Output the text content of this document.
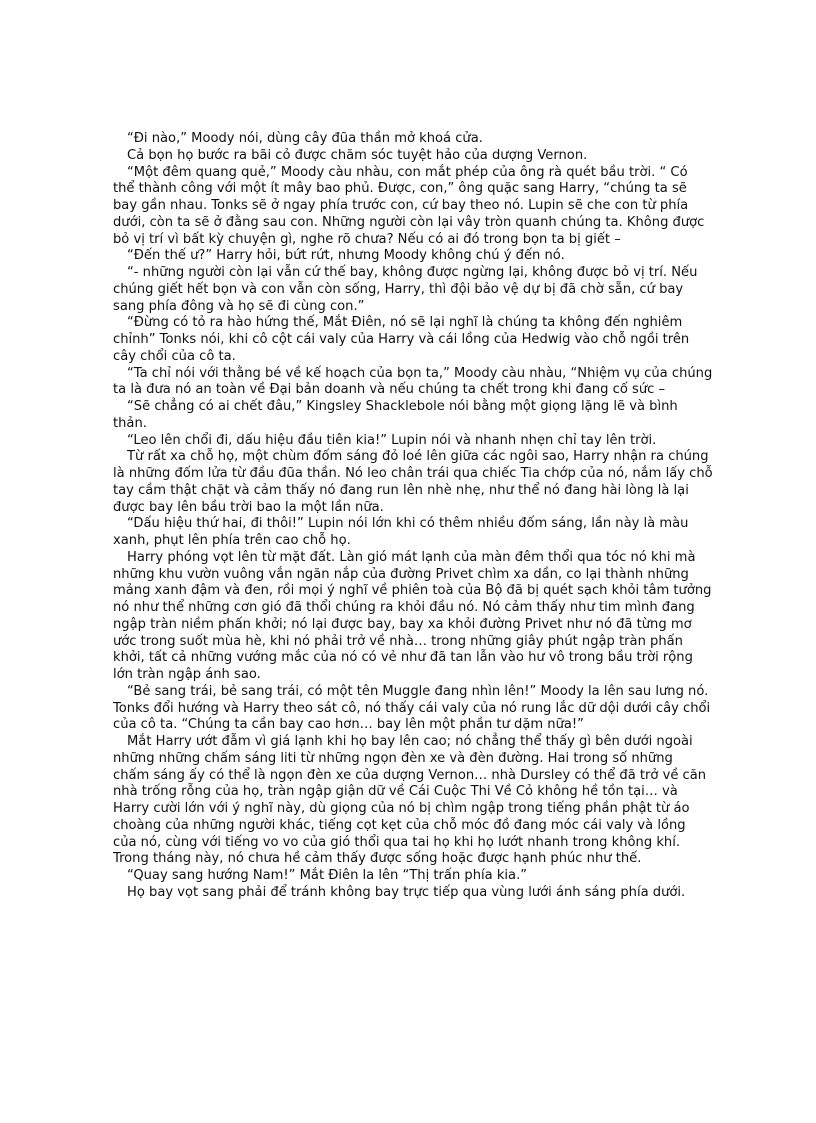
“Đi nào,” Moody nói, dùng cây đũa thần mở khoá cửa.

Cả bọn họ bước ra bãi cỏ được chăm sóc tuyệt hảo của dượng Vernon.

“Một đêm quang quẻ,” Moody càu nhàu, con mắt phép của ông rà quét bầu trời. “ Có thể thành công với một ít mây bao phủ. Được, con,” ông quặc sang Harry, “chúng ta sẽ bay gần nhau. Tonks sẽ ở ngay phía trước con, cứ bay theo nó. Lupin sẽ che con từ phía dưới, còn ta sẽ ở đằng sau con. Những người còn lại vây tròn quanh chúng ta. Không được bỏ vị trí vì bất kỳ chuyện gì, nghe rõ chưa? Nếu có ai đó trong bọn ta bị giết –

“Đến thế ư?” Harry hỏi, bứt rứt, nhưng Moody không chú ý đến nó.

“- những người còn lại vẫn cứ thế bay, không được ngừng lại, không được bỏ vị trí. Nếu chúng giết hết bọn và con vẫn còn sống, Harry, thì đội bảo vệ dự bị đã chờ sẵn, cứ bay sang phía đông và họ sẽ đi cùng con.”

“Đừng có tỏ ra hào hứng thế, Mắt Điên, nó sẽ lại nghĩ là chúng ta không đến nghiêm chỉnh” Tonks nói, khi cô cột cái valy của Harry và cái lồng của Hedwig vào chỗ ngồi trên cây chổi của cô ta.

“Ta chỉ nói với thằng bé về kế hoạch của bọn ta,” Moody càu nhàu, “Nhiệm vụ của chúng ta là đưa nó an toàn về Đại bản doanh và nếu chúng ta chết trong khi đang cố sức –

“Sẽ chẳng có ai chết đâu,” Kingsley Shacklebole nói bằng một giọng lặng lẽ và bình thản.

“Leo lên chổi đi, dấu hiệu đầu tiên kia!” Lupin nói và nhanh nhẹn chỉ tay lên trời.

Từ rất xa chỗ họ, một chùm đốm sáng đỏ loé lên giữa các ngôi sao, Harry nhận ra chúng là những đốm lửa từ đầu đũa thần. Nó leo chân trái qua chiếc Tia chớp của nó, nắm lấy chỗ tay cầm thật chặt và cảm thấy nó đang run lên nhè nhẹ, như thể nó đang hài lòng là lại được bay lên bầu trời bao la một lần nữa.

“Dấu hiệu thứ hai, đi thôi!” Lupin nói lớn khi có thêm nhiều đốm sáng, lần này là màu xanh, phụt lên phía trên cao chỗ họ.

Harry phóng vọt lên từ mặt đất. Làn gió mát lạnh của màn đêm thổi qua tóc nó khi mà những khu vườn vuông vắn ngăn nắp của đường Privet chìm xa dần, co lại thành những mảng xanh đậm và đen, rồi mọi ý nghĩ về phiên toà của Bộ đã bị quét sạch khỏi tâm tưởng nó như thể những cơn gió đã thổi chúng ra khỏi đầu nó. Nó cảm thấy như tim mình đang ngập tràn niềm phấn khởi; nó lại được bay, bay xa khỏi đường Privet như nó đã từng mơ ước trong suốt mùa hè, khi nó phải trở về nhà… trong những giây phút ngập tràn phấn khởi, tất cả những vướng mắc của nó có vẻ như đã tan lẫn vào hư vô trong bầu trời rộng lớn tràn ngập ánh sao.

“Bẻ sang trái, bẻ sang trái, có một tên Muggle đang nhìn lên!” Moody la lên sau lưng nó. Tonks đổi hướng và Harry theo sát cô, nó thấy cái valy của nó rung lắc dữ dội dưới cây chổi của cô ta. “Chúng ta cần bay cao hơn… bay lên một phần tư dặm nữa!”

Mắt Harry ướt đẫm vì giá lạnh khi họ bay lên cao; nó chẳng thể thấy gì bên dưới ngoài những những chấm sáng liti từ những ngọn đèn xe và đèn đường. Hai trong số những chấm sáng ấy có thể là ngọn đèn xe của dượng Vernon… nhà Dursley có thể đã trở về căn nhà trống rỗng của họ, tràn ngập giận dữ về Cái Cuộc Thi Về Cỏ không hề tồn tại… và Harry cười lớn với ý nghĩ này, dù giọng của nó bị chìm ngập trong tiếng phần phật từ áo choàng của những người khác, tiếng cọt kẹt của chỗ móc đồ đang móc cái valy và lồng của nó, cùng với tiếng vo vo của gió thổi qua tai họ khi họ lướt nhanh trong không khí. Trong tháng này, nó chưa hề cảm thấy được sống hoặc được hạnh phúc như thế.

“Quay sang hướng Nam!” Mắt Điên la lên “Thị trấn phía kia.”

Họ bay vọt sang phải để tránh không bay trực tiếp qua vùng lưới ánh sáng phía dưới.
